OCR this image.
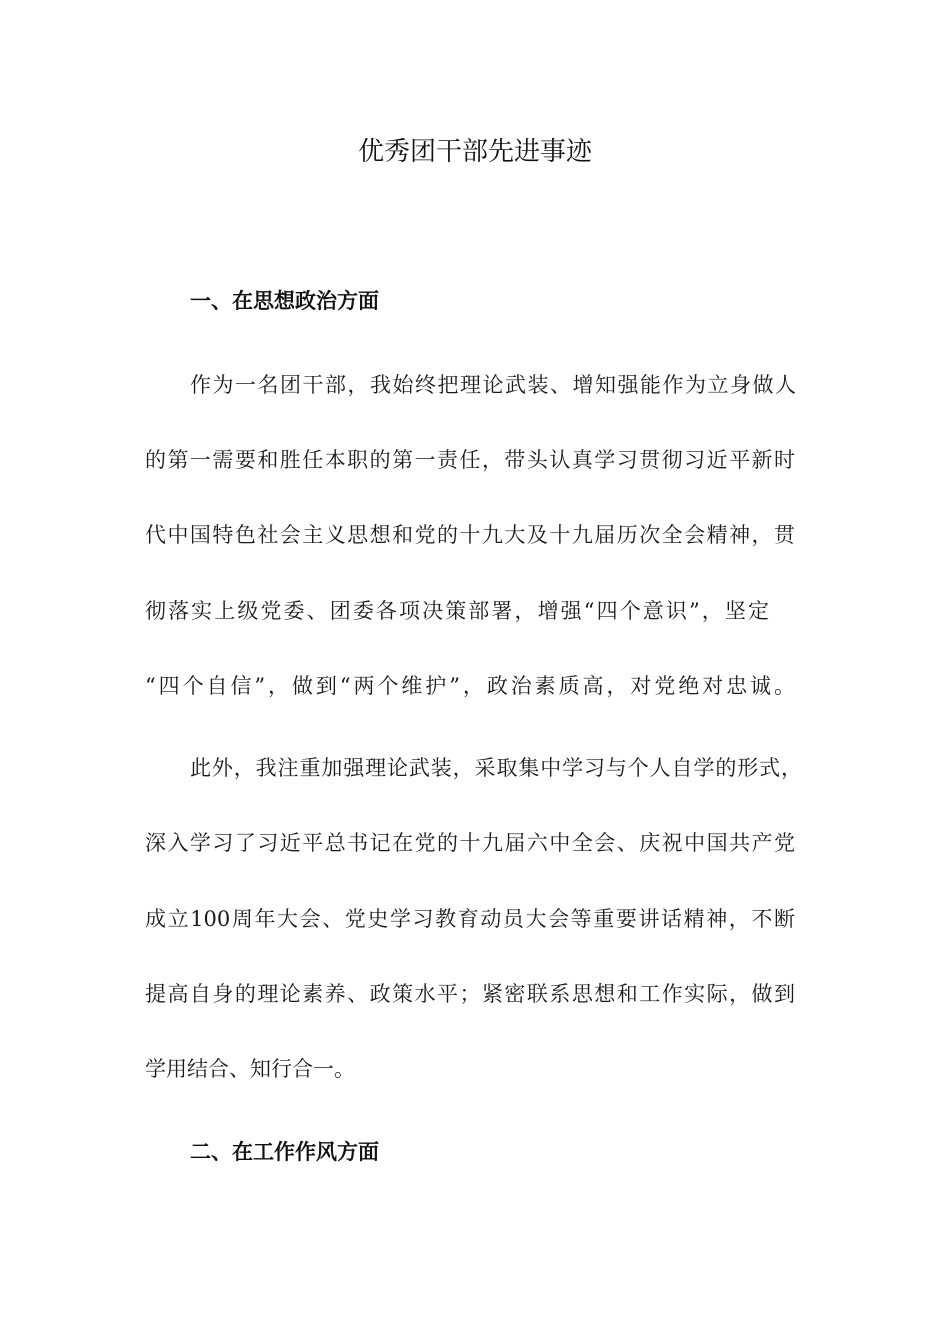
优秀团干部先进事迹
一、在思想政治方面
作为一名团干部，我始终把理论武装、增知强能作为立身做人
的第一需要和胜任本职的第一责任，带头认真学习贯彻习近平新时
代中国特色社会主义思想和党的十九大及十九届历次全会精神，贯
彻落实上级党委、团委各项决策部署，增强“四个意识”，坚定
“四个自信”，做到“两个维护”，政治素质高，对党绝对忠诚。
此外，我注重加强理论武装，采取集中学习与个人自学的形式，
深入学习了习近平总书记在党的十九届六中全会、庆祝中国共产党
成立100周年大会、党史学习教育动员大会等重要讲话精神，不断
提高自身的理论素养、政策水平；紧密联系思想和工作实际，做到
学用结合、知行合一。
二、在工作作风方面
